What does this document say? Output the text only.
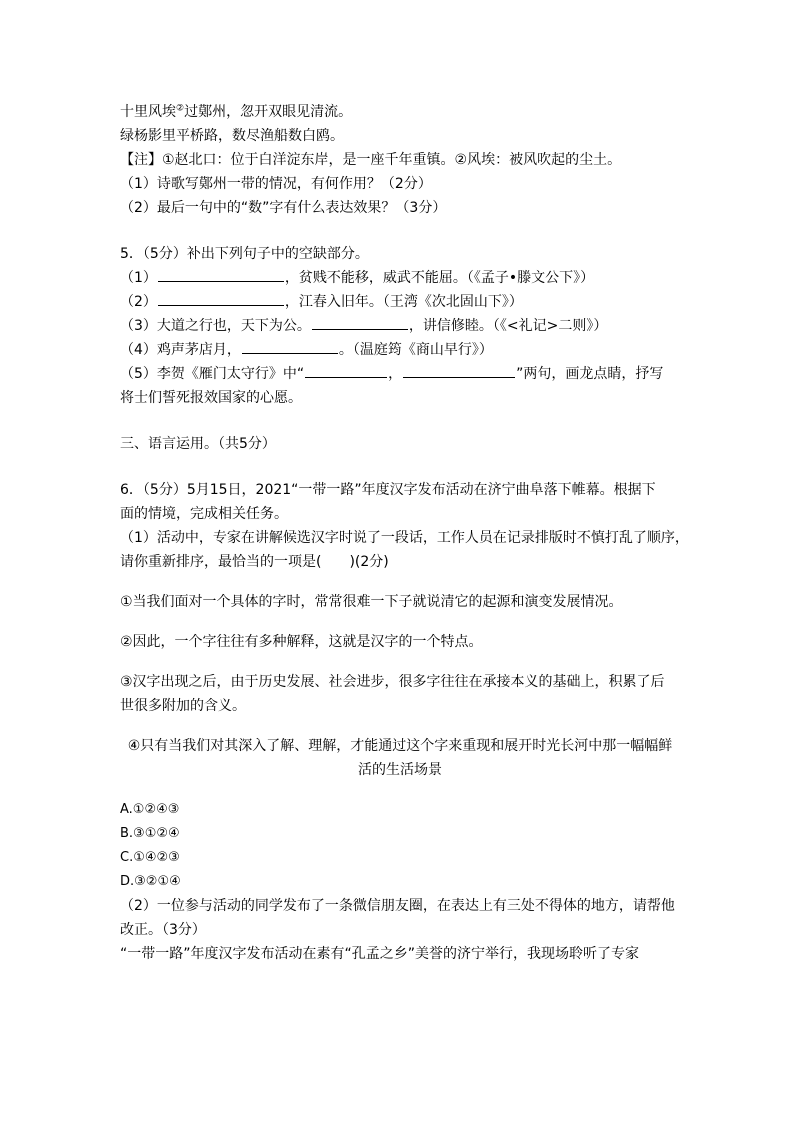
十里风埃②过鄚州，忽开双眼见清流。
绿杨影里平桥路，数尽渔船数白鸥。
【注】①赵北口：位于白洋淀东岸，是一座千年重镇。②风埃：被风吹起的尘土。
（1）诗歌写鄚州一带的情况，有何作用？（2分）
（2）最后一句中的“数”字有什么表达效果？（3分）
5．（5分）补出下列句子中的空缺部分。
（1）	，贫贱不能移，威武不能屈。（《孟子•滕文公下》）
（2）	，江春入旧年。（王湾《次北固山下》）
（3）大道之行也，天下为公。	，讲信修睦。（《<礼记>二则》）
（4）鸡声茅店月，	。（温庭筠《商山早行》）
（5）李贺《雁门太守行》中“	，	”两句，画龙点睛，抒写
将士们誓死报效国家的心愿。
三、语言运用。（共5分）
6．（5分）5月15日，2021“一带一路”年度汉字发布活动在济宁曲阜落下帷幕。根据下
面的情境，完成相关任务。
（1）活动中，专家在讲解候选汉字时说了一段话，工作人员在记录排版时不慎打乱了顺序，
请你重新排序，最恰当的一项是(　　)(2分)
①当我们面对一个具体的字时，常常很难一下子就说清它的起源和演变发展情况。
②因此，一个字往往有多种解释，这就是汉字的一个特点。
③汉字出现之后，由于历史发展、社会进步，很多字往往在承接本义的基础上，积累了后
世很多附加的含义。
④只有当我们对其深入了解、理解，才能通过这个字来重现和展开时光长河中那一幅幅鲜
活的生活场景
A.①②④③
B.③①②④
C.①④②③
D.③②①④
（2）一位参与活动的同学发布了一条微信朋友圈，在表达上有三处不得体的地方，请帮他
改正。（3分）
“一带一路”年度汉字发布活动在素有“孔孟之乡”美誉的济宁举行，我现场聆听了专家
